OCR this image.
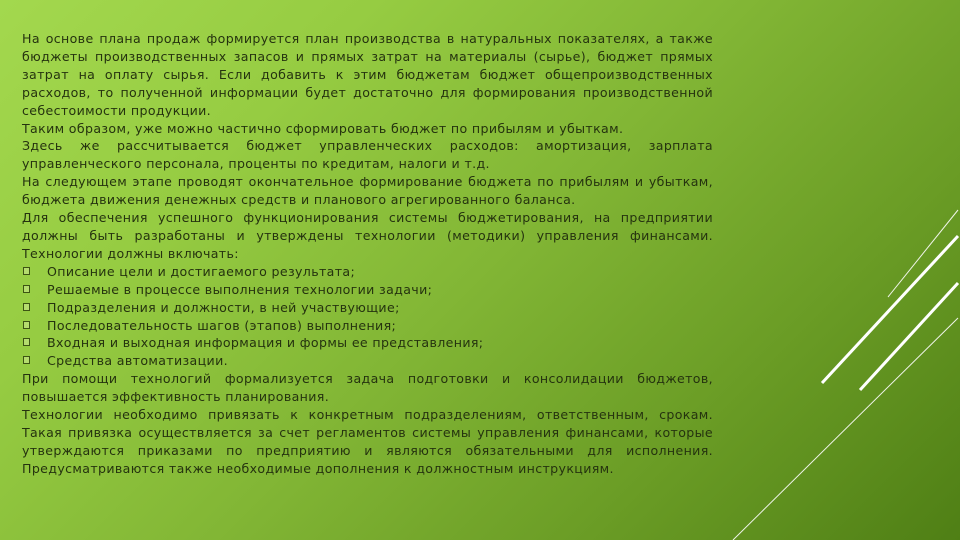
На основе плана продаж формируется план производства в натуральных показателях, а также бюджеты производственных запасов и прямых затрат на материалы (сырье), бюджет прямых затрат на оплату сырья. Если добавить к этим бюджетам бюджет общепроизводственных расходов, то полученной информации будет достаточно для формирования производственной себестоимости продукции.

Таким образом, уже можно частично сформировать бюджет по прибылям и убыткам.

Здесь же рассчитывается бюджет управленческих расходов: амортизация, зарплата управленческого персонала, проценты по кредитам, налоги и т.д.

На следующем этапе проводят окончательное формирование бюджета по прибылям и убыткам, бюджета движения денежных средств и планового агрегированного баланса.

Для обеспечения успешного функционирования системы бюджетирования, на предприятии должны быть разработаны и утверждены технологии (методики) управления финансами. Технологии должны включать:

Описание цели и достигаемого результата;
Решаемые в процессе выполнения технологии задачи;
Подразделения и должности, в ней участвующие;
Последовательность шагов (этапов) выполнения;
Входная и выходная информация и формы ее представления;
Средства автоматизации.

При помощи технологий формализуется задача подготовки и консолидации бюджетов, повышается эффективность планирования.

Технологии необходимо привязать к конкретным подразделениям, ответственным, срокам. Такая привязка осуществляется за счет регламентов системы управления финансами, которые утверждаются приказами по предприятию и являются обязательными для исполнения. Предусматриваются также необходимые дополнения к должностным инструкциям.
